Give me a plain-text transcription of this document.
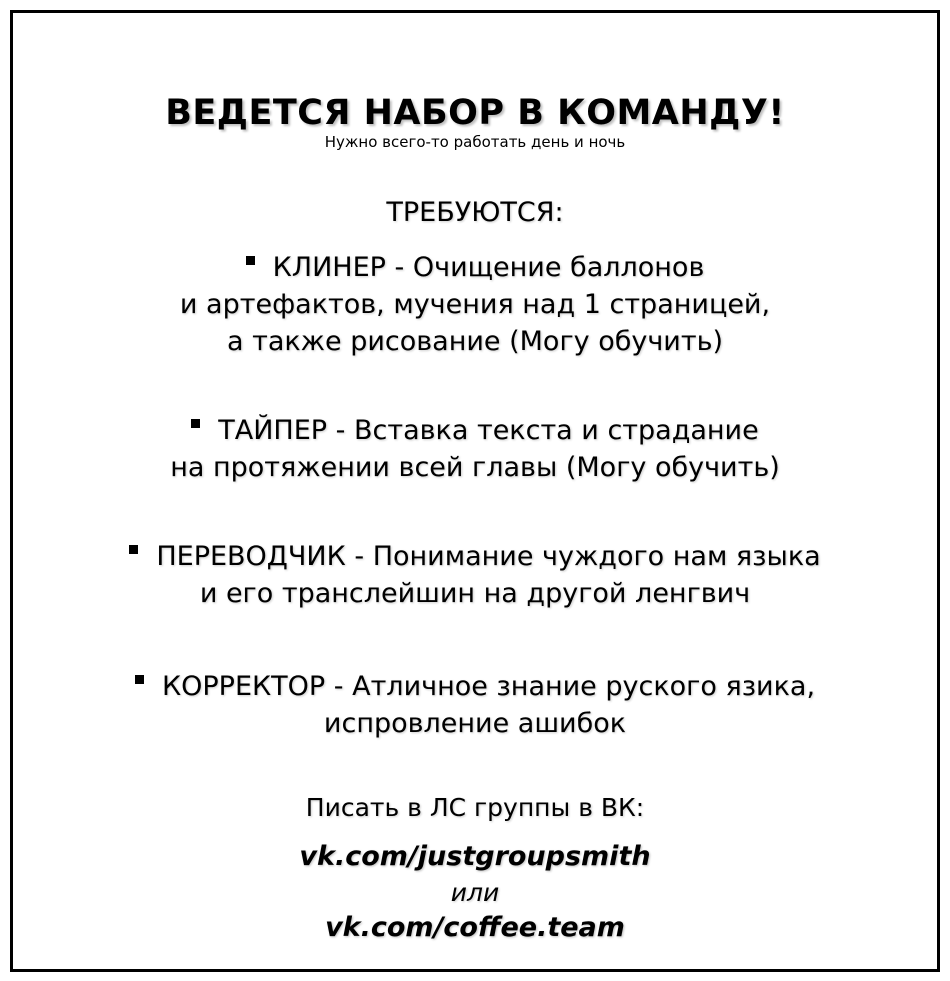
ВЕДЕТСЯ НАБОР В КОМАНДУ!
Нужно всего-то работать день и ночь
ТРЕБУЮТСЯ:
КЛИНЕР - Очищение баллонов
и артефактов, мучения над 1 страницей,
а также рисование (Могу обучить)
ТАЙПЕР - Вставка текста и страдание
на протяжении всей главы (Могу обучить)
ПЕРЕВОДЧИК - Понимание чуждого нам языка
и его транслейшин на другой ленгвич
КОРРЕКТОР - Атличное знание руского язика,
испровление ашибок
Писать в ЛС группы в ВК:
vk.com/justgroupsmith
или
vk.com/coffee.team
